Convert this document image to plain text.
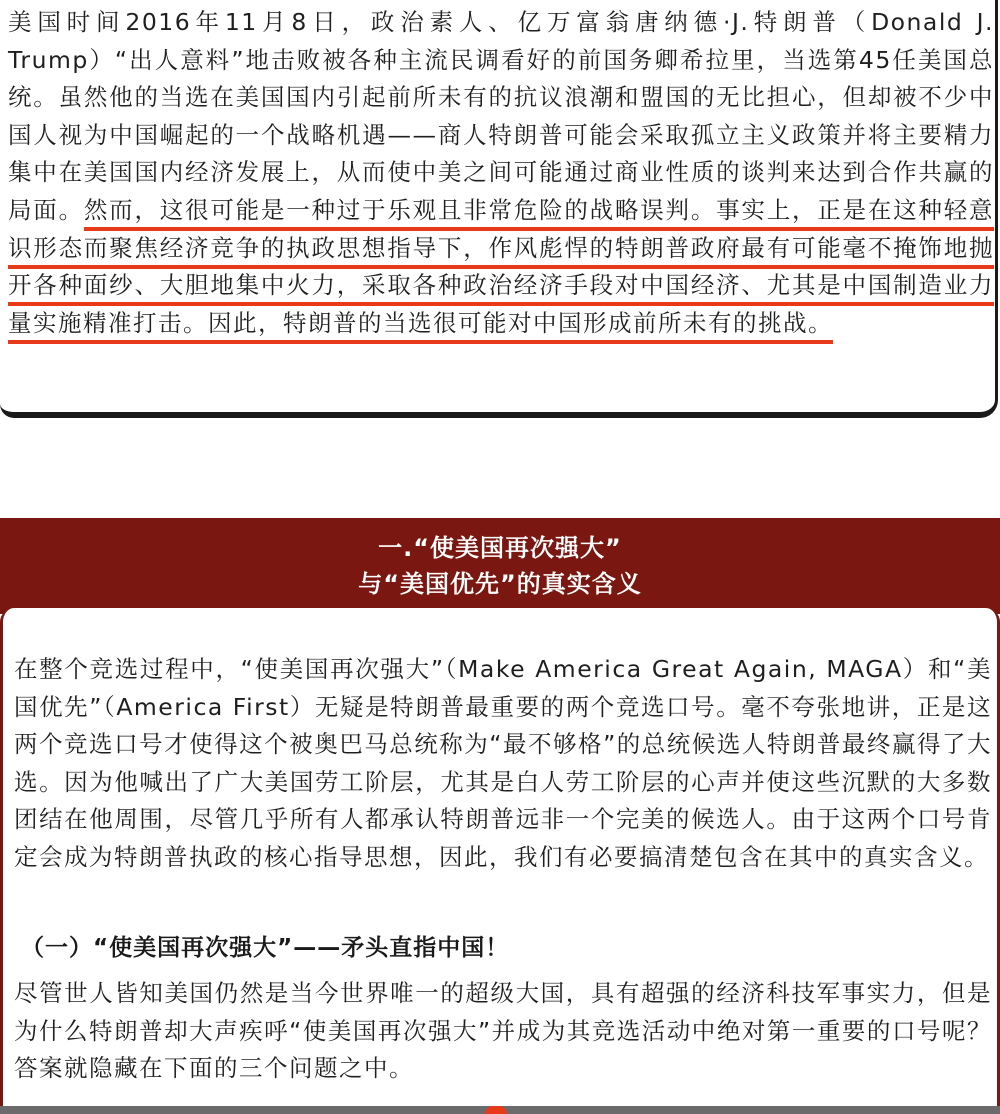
美国时间2016年11月8日，政治素人、亿万富翁唐纳德·J.特朗普（Donald J. Trump）“出人意料”地击败被各种主流民调看好的前国务卿希拉里，当选第45任美国总统。虽然他的当选在美国国内引起前所未有的抗议浪潮和盟国的无比担心，但却被不少中国人视为中国崛起的一个战略机遇——商人特朗普可能会采取孤立主义政策并将主要精力集中在美国国内经济发展上，从而使中美之间可能通过商业性质的谈判来达到合作共赢的局面。然而，这很可能是一种过于乐观且非常危险的战略误判。事实上，正是在这种轻意识形态而聚焦经济竞争的执政思想指导下，作风彪悍的特朗普政府最有可能毫不掩饰地抛开各种面纱、大胆地集中火力，采取各种政治经济手段对中国经济、尤其是中国制造业力量实施精准打击。因此，特朗普的当选很可能对中国形成前所未有的挑战。

一.“使美国再次强大”
与“美国优先”的真实含义

在整个竞选过程中，“使美国再次强大”（Make America Great Again, MAGA）和“美国优先”（America First）无疑是特朗普最重要的两个竞选口号。毫不夸张地讲，正是这两个竞选口号才使得这个被奥巴马总统称为“最不够格”的总统候选人特朗普最终赢得了大选。因为他喊出了广大美国劳工阶层，尤其是白人劳工阶层的心声并使这些沉默的大多数团结在他周围，尽管几乎所有人都承认特朗普远非一个完美的候选人。由于这两个口号肯定会成为特朗普执政的核心指导思想，因此，我们有必要搞清楚包含在其中的真实含义。

（一）“使美国再次强大”——矛头直指中国！

尽管世人皆知美国仍然是当今世界唯一的超级大国，具有超强的经济科技军事实力，但是为什么特朗普却大声疾呼“使美国再次强大”并成为其竞选活动中绝对第一重要的口号呢？答案就隐藏在下面的三个问题之中。
